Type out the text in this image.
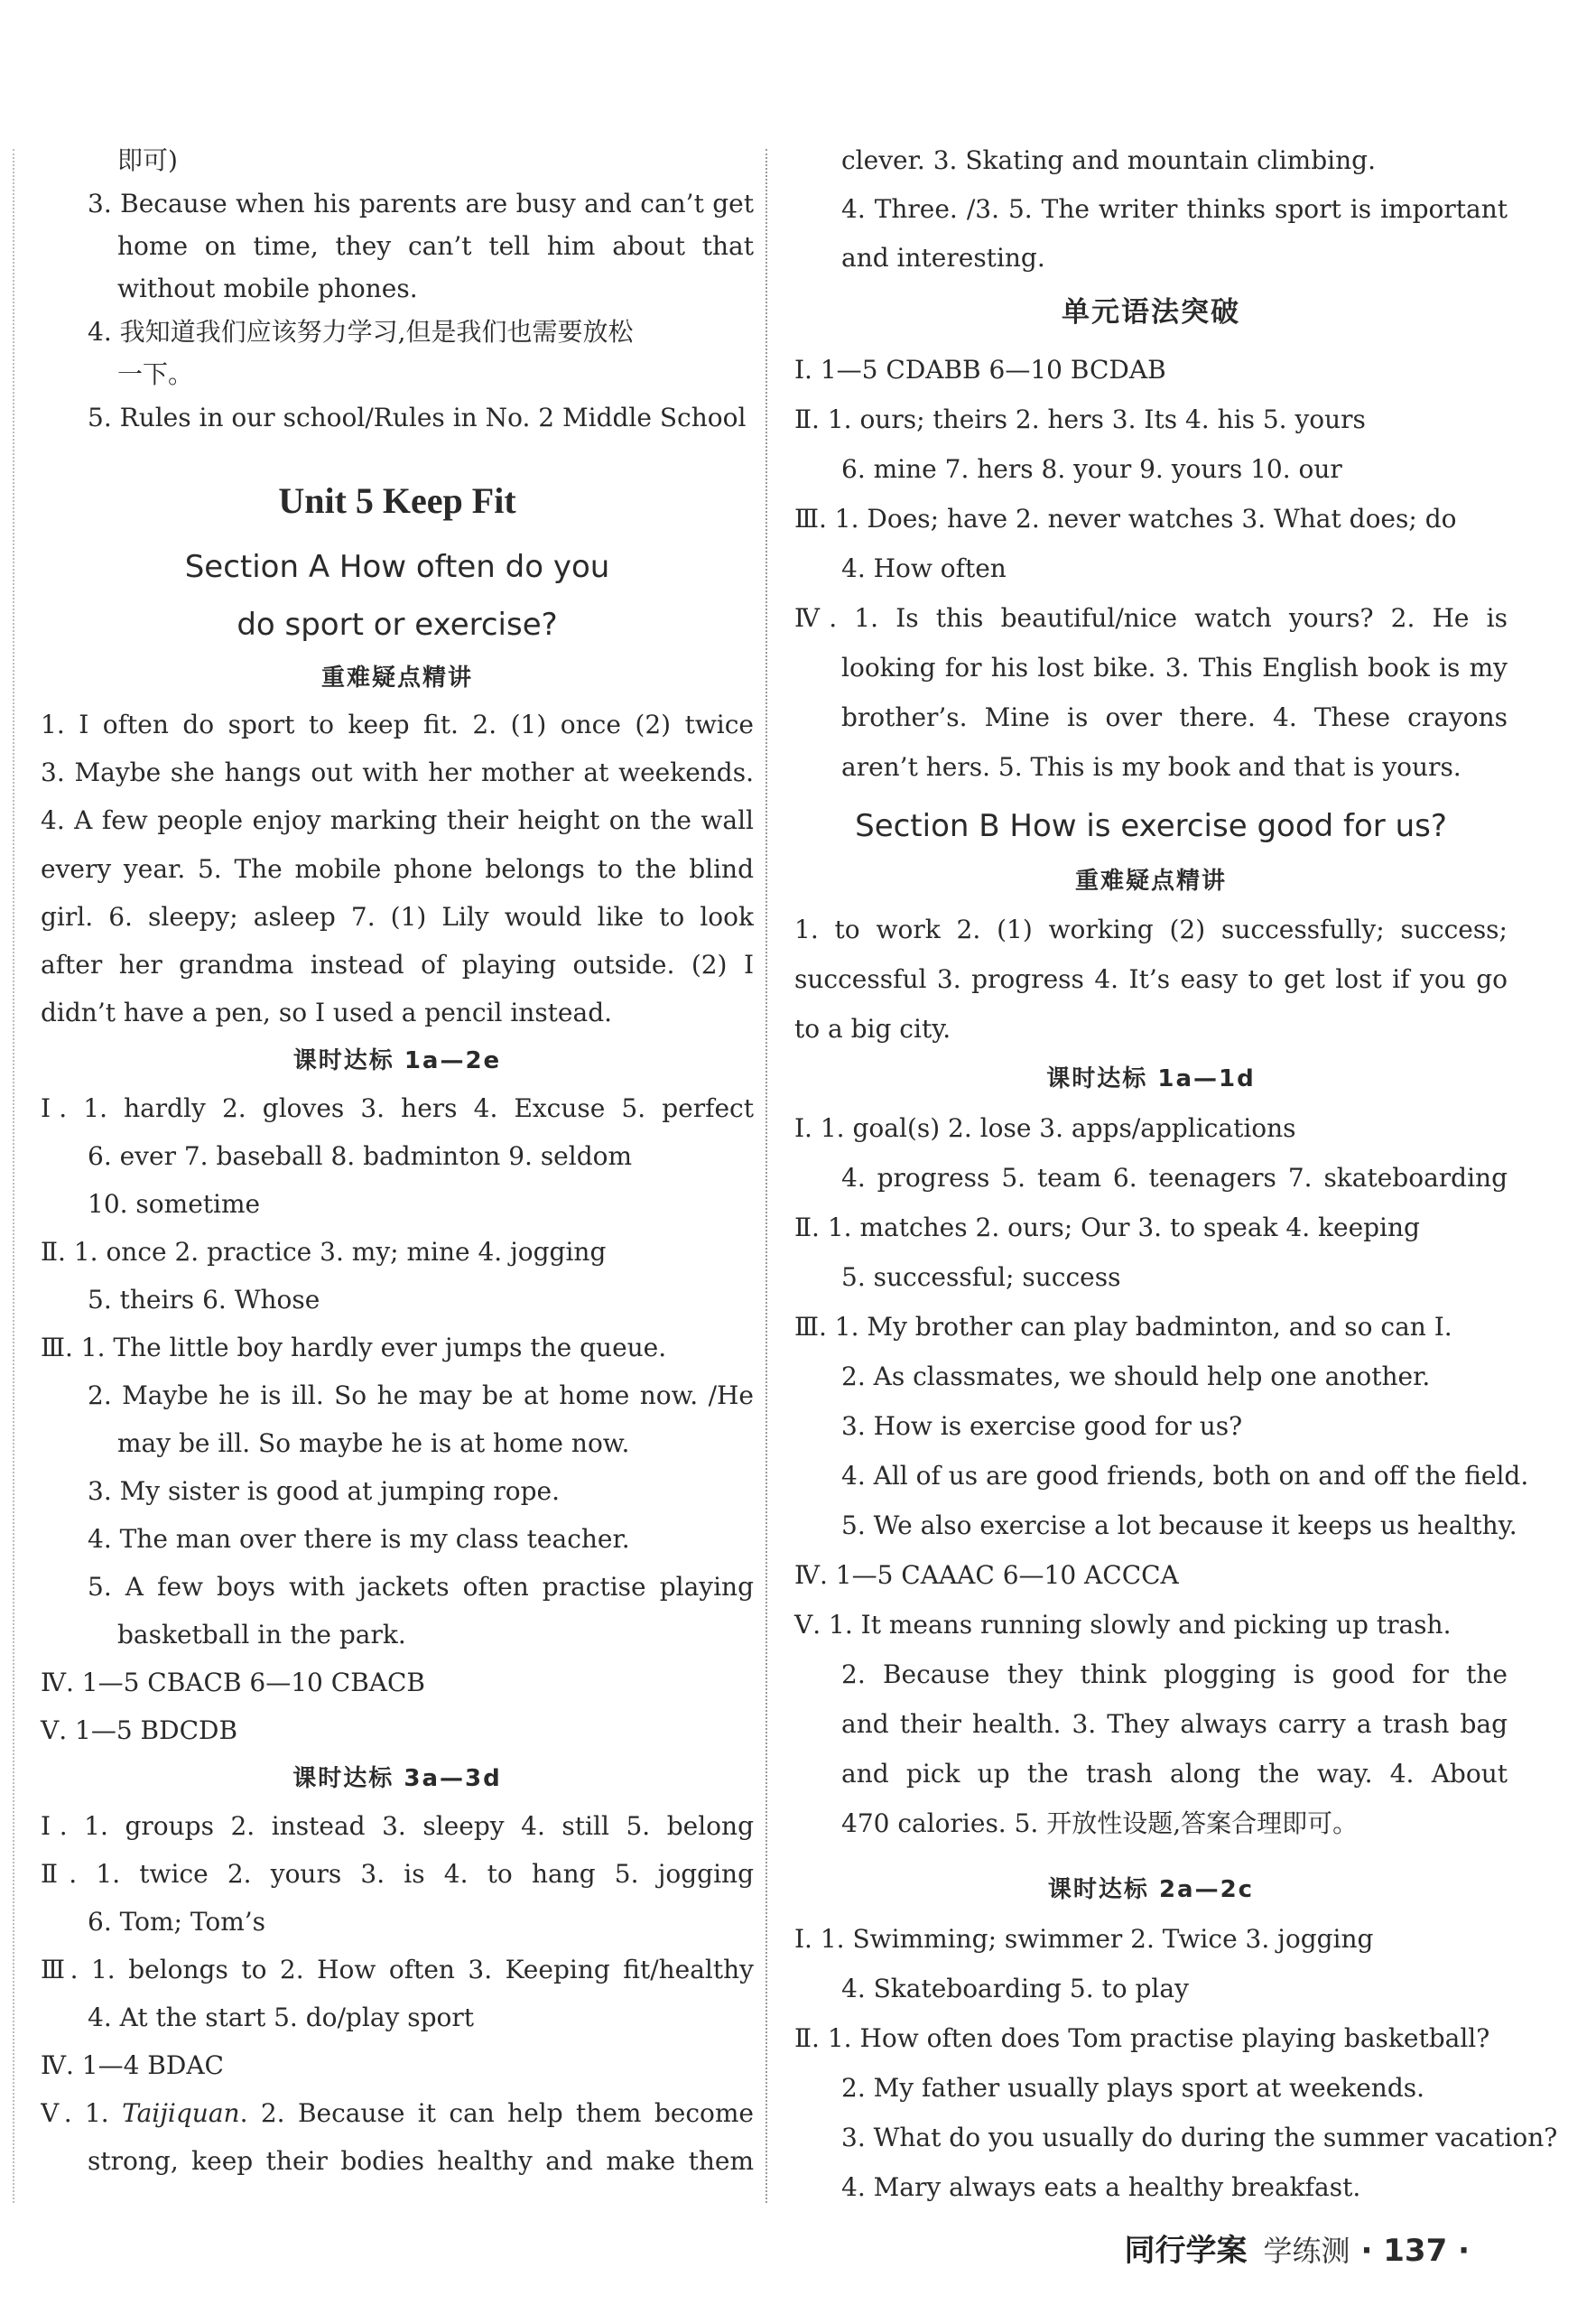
即可)
3. Because when his parents are busy and can’t get
home on time, they can’t tell him about that
without mobile phones.
4. 我知道我们应该努力学习,但是我们也需要放松
一下。
5. Rules in our school/Rules in No. 2 Middle School
Unit 5 Keep Fit
Section A How often do you
do sport or exercise?
重难疑点精讲
1. I often do sport to keep fit. 2. (1) once (2) twice
3. Maybe she hangs out with her mother at weekends.
4. A few people enjoy marking their height on the wall
every year. 5. The mobile phone belongs to the blind
girl. 6. sleepy; asleep 7. (1) Lily would like to look
after her grandma instead of playing outside. (2) I
didn’t have a pen, so I used a pencil instead.
课时达标 1a—2e
Ⅰ. 1. hardly 2. gloves 3. hers 4. Excuse 5. perfect
6. ever 7. baseball 8. badminton 9. seldom
10. sometime
Ⅱ. 1. once 2. practice 3. my; mine 4. jogging
5. theirs 6. Whose
Ⅲ. 1. The little boy hardly ever jumps the queue.
2. Maybe he is ill. So he may be at home now. /He
may be ill. So maybe he is at home now.
3. My sister is good at jumping rope.
4. The man over there is my class teacher.
5. A few boys with jackets often practise playing
basketball in the park.
Ⅳ. 1—5 CBACB 6—10 CBACB
Ⅴ. 1—5 BDCDB
课时达标 3a—3d
Ⅰ. 1. groups 2. instead 3. sleepy 4. still 5. belong
Ⅱ. 1. twice 2. yours 3. is 4. to hang 5. jogging
6. Tom; Tom’s
Ⅲ. 1. belongs to 2. How often 3. Keeping fit/healthy
4. At the start 5. do/play sport
Ⅳ. 1—4 BDAC
Ⅴ. 1. Taijiquan. 2. Because it can help them become
strong, keep their bodies healthy and make them
clever. 3. Skating and mountain climbing.
4. Three. /3. 5. The writer thinks sport is important
and interesting.
单元语法突破
Ⅰ. 1—5 CDABB 6—10 BCDAB
Ⅱ. 1. ours; theirs 2. hers 3. Its 4. his 5. yours
6. mine 7. hers 8. your 9. yours 10. our
Ⅲ. 1. Does; have 2. never watches 3. What does; do
4. How often
Ⅳ. 1. Is this beautiful/nice watch yours? 2. He is
looking for his lost bike. 3. This English book is my
brother’s. Mine is over there. 4. These crayons
aren’t hers. 5. This is my book and that is yours.
Section B How is exercise good for us?
重难疑点精讲
1. to work 2. (1) working (2) successfully; success;
successful 3. progress 4. It’s easy to get lost if you go
to a big city.
课时达标 1a—1d
Ⅰ. 1. goal(s) 2. lose 3. apps/applications
4. progress 5. team 6. teenagers 7. skateboarding
Ⅱ. 1. matches 2. ours; Our 3. to speak 4. keeping
5. successful; success
Ⅲ. 1. My brother can play badminton, and so can I.
2. As classmates, we should help one another.
3. How is exercise good for us?
4. All of us are good friends, both on and off the field.
5. We also exercise a lot because it keeps us healthy.
Ⅳ. 1—5 CAAAC 6—10 ACCCA
Ⅴ. 1. It means running slowly and picking up trash.
2. Because they think plogging is good for the
and their health. 3. They always carry a trash bag
and pick up the trash along the way. 4. About
470 calories. 5. 开放性设题,答案合理即可。
课时达标 2a—2c
Ⅰ. 1. Swimming; swimmer 2. Twice 3. jogging
4. Skateboarding 5. to play
Ⅱ. 1. How often does Tom practise playing basketball?
2. My father usually plays sport at weekends.
3. What do you usually do during the summer vacation?
4. Mary always eats a healthy breakfast.
同行学案 学练测 · 137 ·
